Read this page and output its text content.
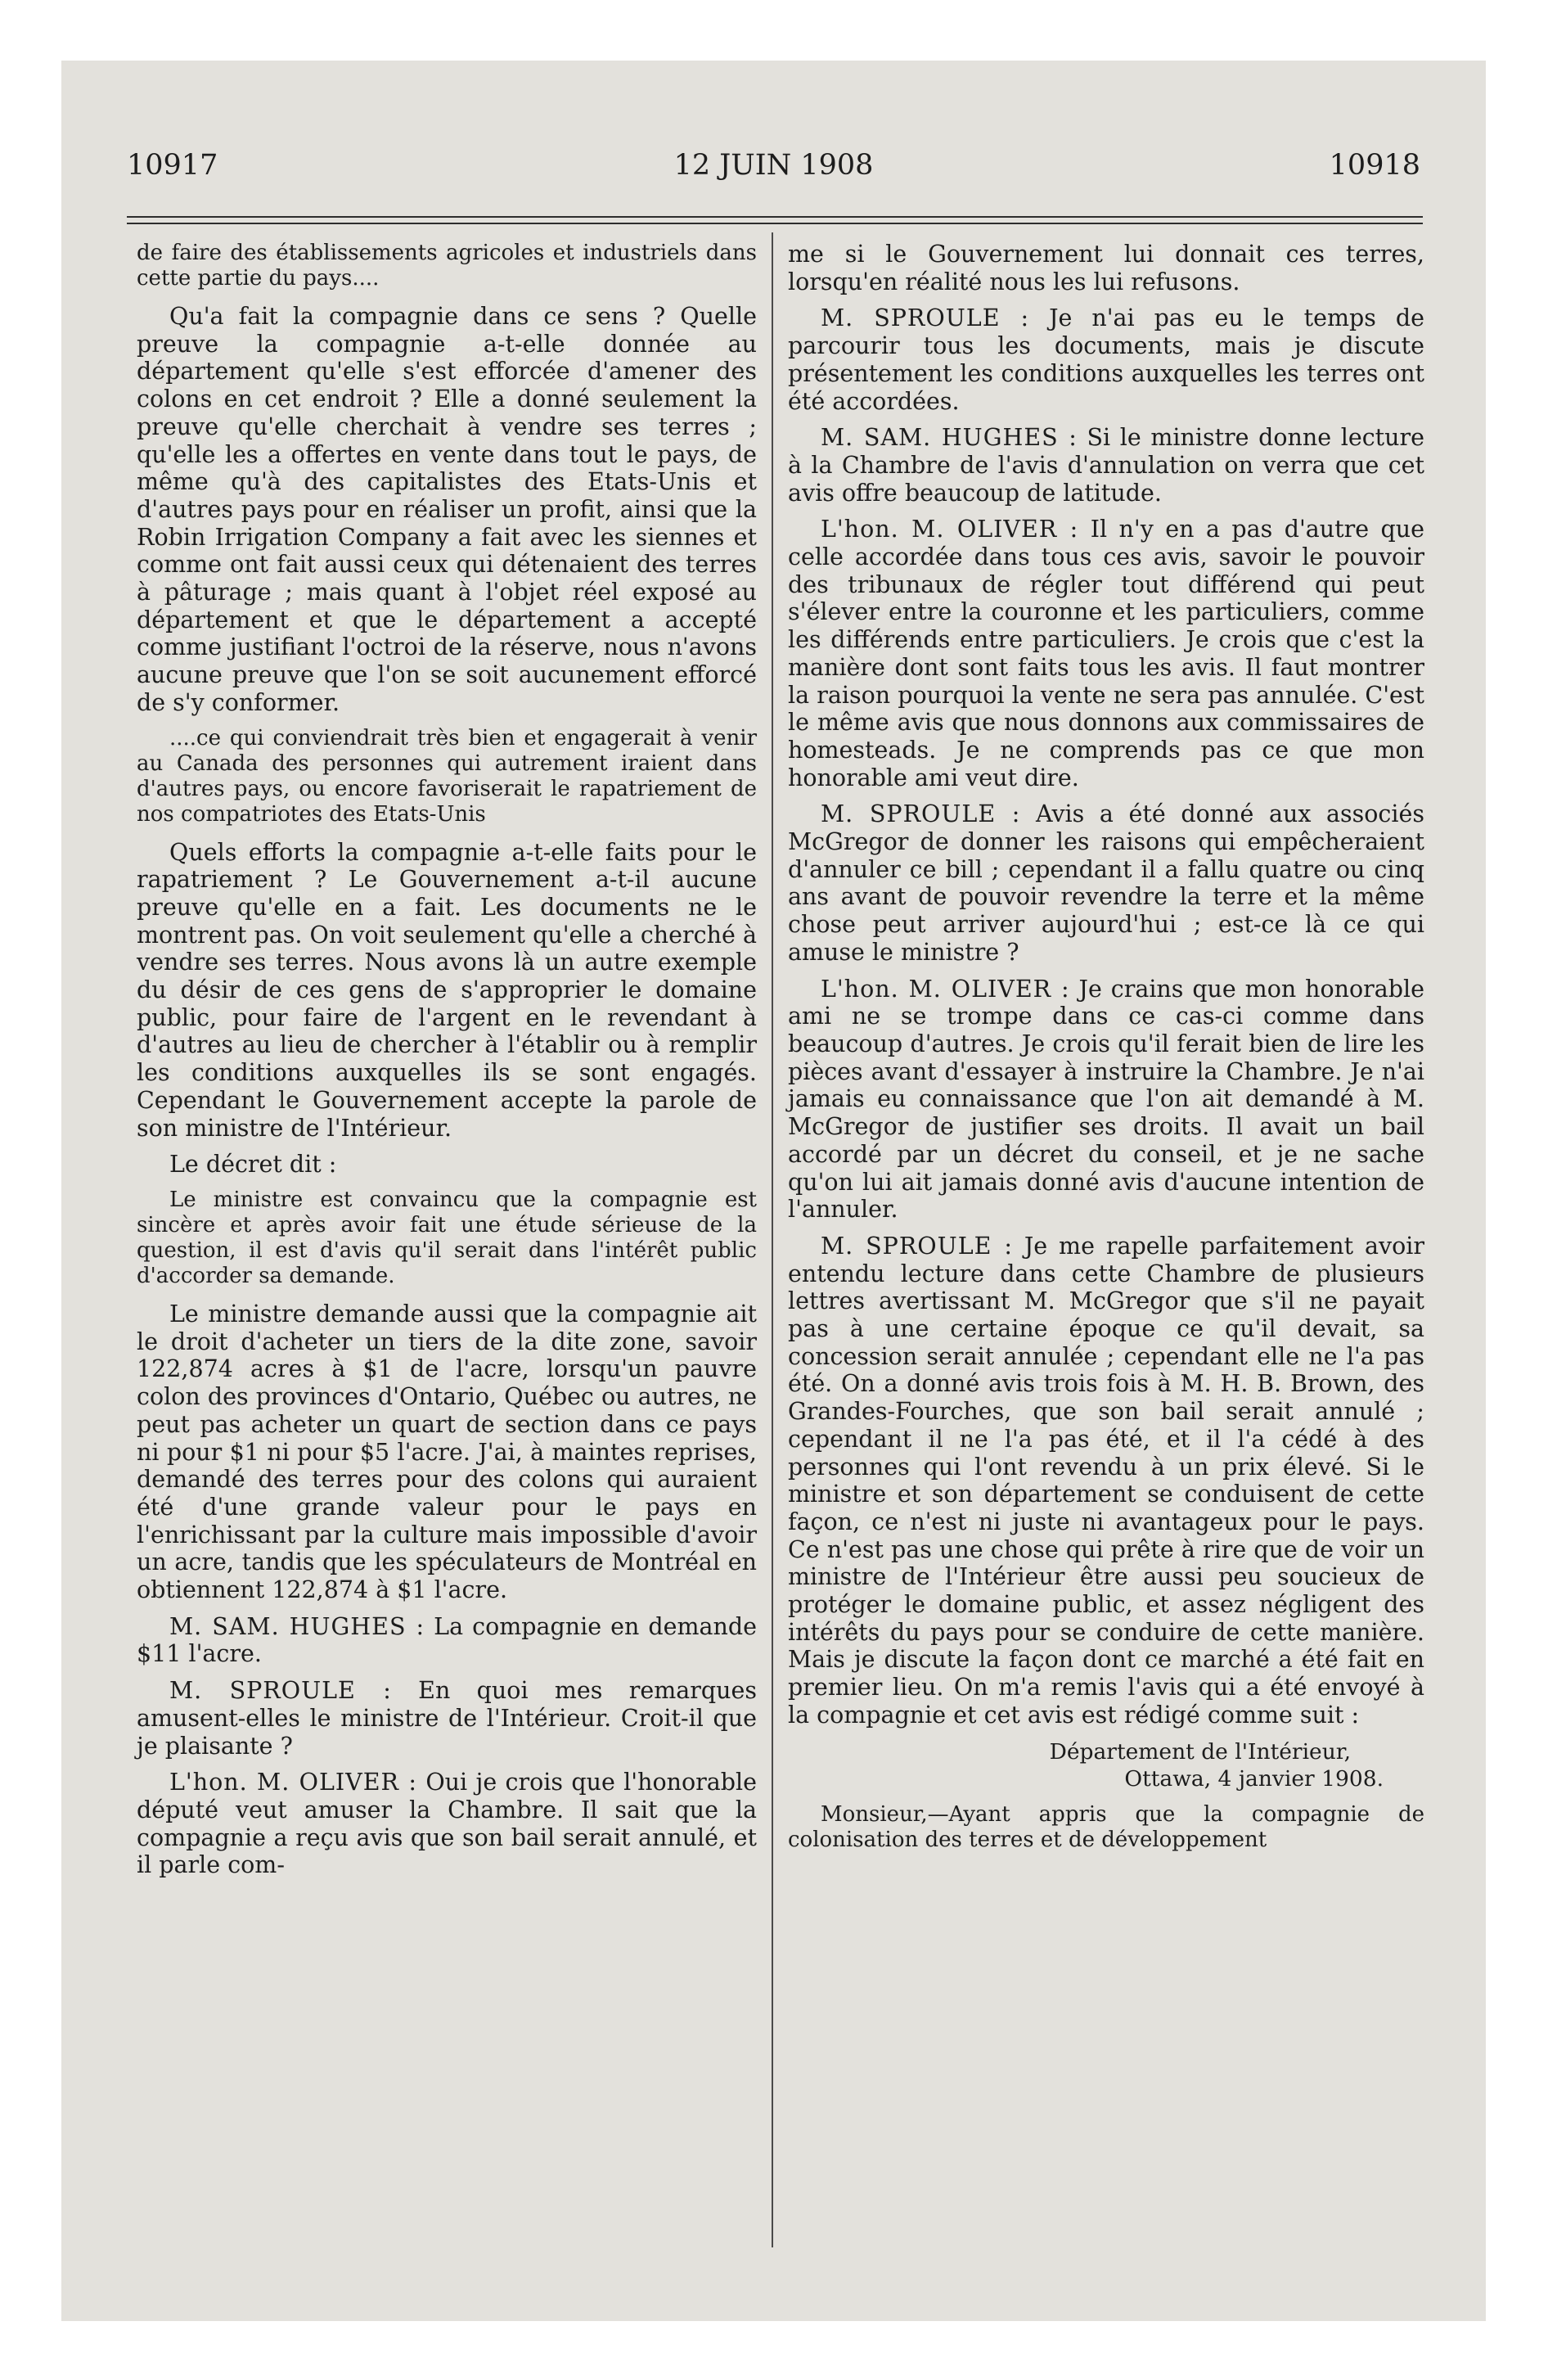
10917	12 JUIN 1908	10918

de faire des établissements agricoles et industriels dans cette partie du pays....

Qu'a fait la compagnie dans ce sens ? Quelle preuve la compagnie a-t-elle donnée au département qu'elle s'est efforcée d'amener des colons en cet endroit ? Elle a donné seulement la preuve qu'elle cherchait à vendre ses terres ; qu'elle les a offertes en vente dans tout le pays, de même qu'à des capitalistes des Etats-Unis et d'autres pays pour en réaliser un profit, ainsi que la Robin Irrigation Company a fait avec les siennes et comme ont fait aussi ceux qui détenaient des terres à pâturage ; mais quant à l'objet réel exposé au département et que le département a accepté comme justifiant l'octroi de la réserve, nous n'avons aucune preuve que l'on se soit aucunement efforcé de s'y conformer.

....ce qui conviendrait très bien et engagerait à venir au Canada des personnes qui autrement iraient dans d'autres pays, ou encore favoriserait le rapatriement de nos compatriotes des Etats-Unis

Quels efforts la compagnie a-t-elle faits pour le rapatriement ? Le Gouvernement a-t-il aucune preuve qu'elle en a fait. Les documents ne le montrent pas. On voit seulement qu'elle a cherché à vendre ses terres. Nous avons là un autre exemple du désir de ces gens de s'approprier le domaine public, pour faire de l'argent en le revendant à d'autres au lieu de chercher à l'établir ou à remplir les conditions auxquelles ils se sont engagés. Cependant le Gouvernement accepte la parole de son ministre de l'Intérieur.

Le décret dit :

Le ministre est convaincu que la compagnie est sincère et après avoir fait une étude sérieuse de la question, il est d'avis qu'il serait dans l'intérêt public d'accorder sa demande.

Le ministre demande aussi que la compagnie ait le droit d'acheter un tiers de la dite zone, savoir 122,874 acres à $1 de l'acre, lorsqu'un pauvre colon des provinces d'Ontario, Québec ou autres, ne peut pas acheter un quart de section dans ce pays ni pour $1 ni pour $5 l'acre. J'ai, à maintes reprises, demandé des terres pour des colons qui auraient été d'une grande valeur pour le pays en l'enrichissant par la culture mais impossible d'avoir un acre, tandis que les spéculateurs de Montréal en obtiennent 122,874 à $1 l'acre.

M. SAM. HUGHES : La compagnie en demande $11 l'acre.

M. SPROULE : En quoi mes remarques amusent-elles le ministre de l'Intérieur. Croit-il que je plaisante ?

L'hon. M. OLIVER : Oui je crois que l'honorable député veut amuser la Chambre. Il sait que la compagnie a reçu avis que son bail serait annulé, et il parle com-

me si le Gouvernement lui donnait ces terres, lorsqu'en réalité nous les lui refusons.

M. SPROULE : Je n'ai pas eu le temps de parcourir tous les documents, mais je discute présentement les conditions auxquelles les terres ont été accordées.

M. SAM. HUGHES : Si le ministre donne lecture à la Chambre de l'avis d'annulation on verra que cet avis offre beaucoup de latitude.

L'hon. M. OLIVER : Il n'y en a pas d'autre que celle accordée dans tous ces avis, savoir le pouvoir des tribunaux de régler tout différend qui peut s'élever entre la couronne et les particuliers, comme les différends entre particuliers. Je crois que c'est la manière dont sont faits tous les avis. Il faut montrer la raison pourquoi la vente ne sera pas annulée. C'est le même avis que nous donnons aux commissaires de homesteads. Je ne comprends pas ce que mon honorable ami veut dire.

M. SPROULE : Avis a été donné aux associés McGregor de donner les raisons qui empêcheraient d'annuler ce bill ; cependant il a fallu quatre ou cinq ans avant de pouvoir revendre la terre et la même chose peut arriver aujourd'hui ; est-ce là ce qui amuse le ministre ?

L'hon. M. OLIVER : Je crains que mon honorable ami ne se trompe dans ce cas-ci comme dans beaucoup d'autres. Je crois qu'il ferait bien de lire les pièces avant d'essayer à instruire la Chambre. Je n'ai jamais eu connaissance que l'on ait demandé à M. McGregor de justifier ses droits. Il avait un bail accordé par un décret du conseil, et je ne sache qu'on lui ait jamais donné avis d'aucune intention de l'annuler.

M. SPROULE : Je me rapelle parfaitement avoir entendu lecture dans cette Chambre de plusieurs lettres avertissant M. McGregor que s'il ne payait pas à une certaine époque ce qu'il devait, sa concession serait annulée ; cependant elle ne l'a pas été. On a donné avis trois fois à M. H. B. Brown, des Grandes-Fourches, que son bail serait annulé ; cependant il ne l'a pas été, et il l'a cédé à des personnes qui l'ont revendu à un prix élevé. Si le ministre et son département se conduisent de cette façon, ce n'est ni juste ni avantageux pour le pays. Ce n'est pas une chose qui prête à rire que de voir un ministre de l'Intérieur être aussi peu soucieux de protéger le domaine public, et assez négligent des intérêts du pays pour se conduire de cette manière. Mais je discute la façon dont ce marché a été fait en premier lieu. On m'a remis l'avis qui a été envoyé à la compagnie et cet avis est rédigé comme suit :

Département de l'Intérieur,

Ottawa, 4 janvier 1908.

Monsieur,—Ayant appris que la compagnie de colonisation des terres et de développement
